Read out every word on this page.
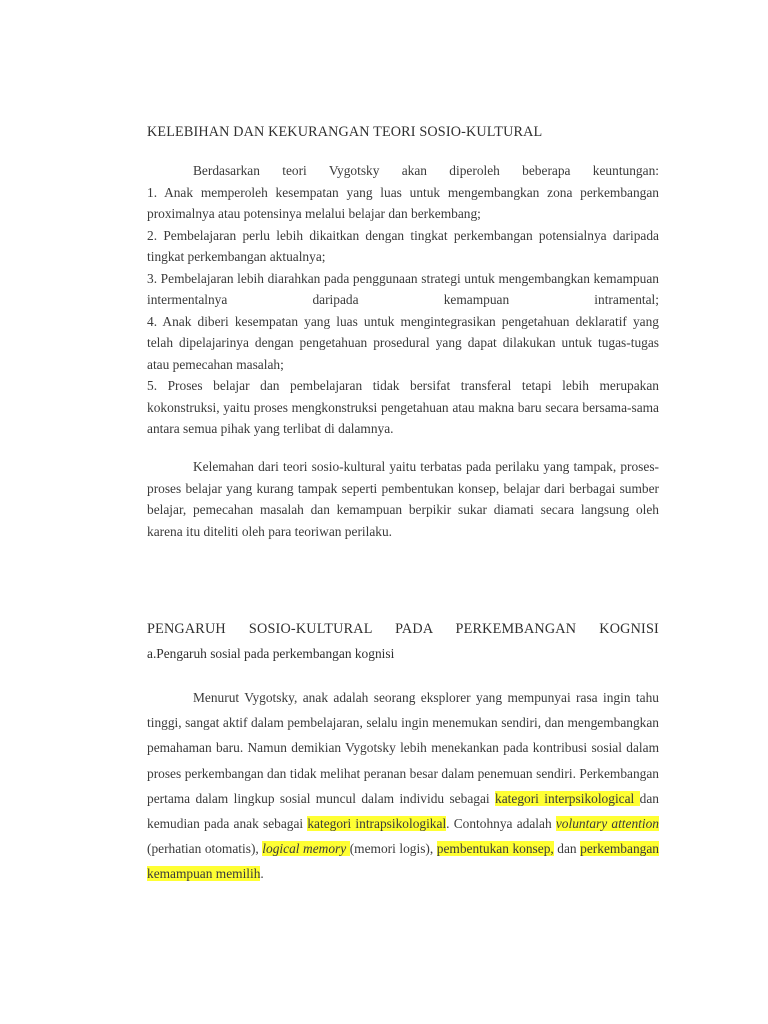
KELEBIHAN DAN KEKURANGAN TEORI SOSIO-KULTURAL

Berdasarkan teori Vygotsky akan diperoleh beberapa keuntungan:

1. Anak memperoleh kesempatan yang luas untuk mengembangkan zona perkembangan proximalnya atau potensinya melalui belajar dan berkembang;

2. Pembelajaran perlu lebih dikaitkan dengan tingkat perkembangan potensialnya daripada tingkat perkembangan aktualnya;

3. Pembelajaran lebih diarahkan pada penggunaan strategi untuk mengembangkan kemampuan intermentalnya daripada kemampuan intramental;

4. Anak diberi kesempatan yang luas untuk mengintegrasikan pengetahuan deklaratif yang telah dipelajarinya dengan pengetahuan prosedural yang dapat dilakukan untuk tugas-tugas atau pemecahan masalah;

5. Proses belajar dan pembelajaran tidak bersifat transferal tetapi lebih merupakan kokonstruksi, yaitu proses mengkonstruksi pengetahuan atau makna baru secara bersama-sama antara semua pihak yang terlibat di dalamnya.

Kelemahan dari teori sosio-kultural yaitu terbatas pada perilaku yang tampak, proses-proses belajar yang kurang tampak seperti pembentukan konsep, belajar dari berbagai sumber belajar, pemecahan masalah dan kemampuan berpikir sukar diamati secara langsung oleh karena itu diteliti oleh para teoriwan perilaku.

PENGARUH SOSIO-KULTURAL PADA PERKEMBANGAN KOGNISI
a.Pengaruh sosial pada perkembangan kognisi

Menurut Vygotsky, anak adalah seorang eksplorer yang mempunyai rasa ingin tahu tinggi, sangat aktif dalam pembelajaran, selalu ingin menemukan sendiri, dan mengembangkan pemahaman baru. Namun demikian Vygotsky lebih menekankan pada kontribusi sosial dalam proses perkembangan dan tidak melihat peranan besar dalam penemuan sendiri. Perkembangan pertama dalam lingkup sosial muncul dalam individu sebagai kategori interpsikological dan kemudian pada anak sebagai kategori intrapsikologikal. Contohnya adalah voluntary attention (perhatian otomatis), logical memory (memori logis), pembentukan konsep, dan perkembangan kemampuan memilih.
